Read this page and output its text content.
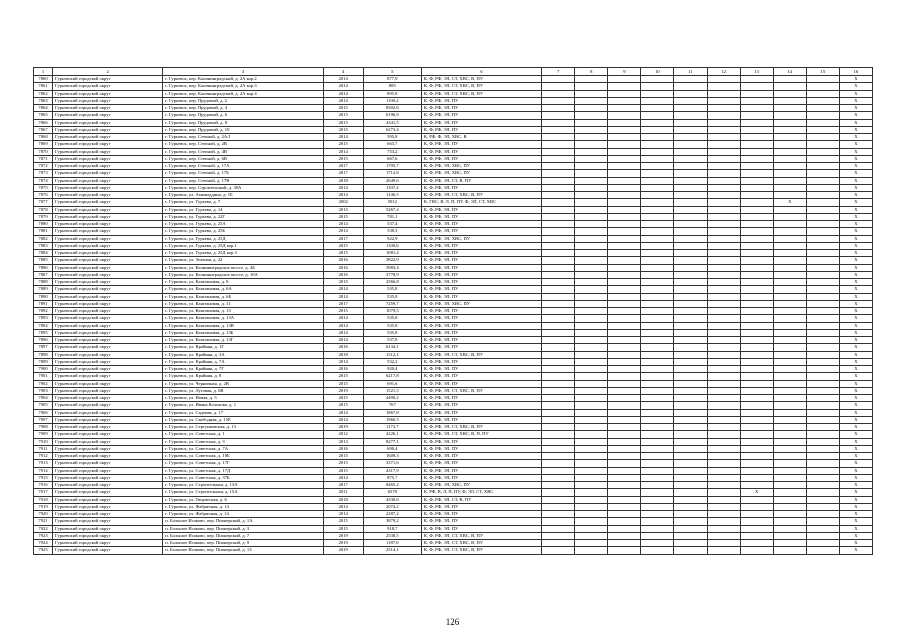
1	2	3	4	5	6	7	8	9	10	11	12	13	14	15	16
7860	Гурьевский городской округ	г. Гурьевск, пер. Калининградский, д. 2А кор.2	2014	877,9	К, Ф, РФ, ЭЛ, СТ, ХВС, В, ПУ										Х
7861	Гурьевский городской округ	г. Гурьевск, пер. Калининградский, д. 2А кор.3	2014	885	К, Ф, РФ, ЭЛ, СТ, ХВС, В, ПУ										Х
7862	Гурьевский городской округ	г. Гурьевск, пер. Калининградский, д. 2А кор.4	2014	895,8	К, Ф, РФ, ЭЛ, СТ, ХВС, В, ПУ										Х
7863	Гурьевский городской округ	г. Гурьевск, пер. Прудовый, д. 2	2014	1100,2	К, Ф, РФ, ЭЛ, ПУ										Х
7864	Гурьевский городской округ	г. Гурьевск, пер. Прудовый, д. 4	2015	8302,6	К, Ф, РФ, ЭЛ, ПУ										Х
7865	Гурьевский городской округ	г. Гурьевск, пер. Прудовый, д. 6	2015	6196,9	К, Ф, РФ, ЭЛ, ПУ										Х
7866	Гурьевский городской округ	г. Гурьевск, пер. Прудовый, д. 8	2015	4341,5	К, Ф, РФ, ЭЛ, ПУ										Х
7867	Гурьевский городской округ	г. Гурьевск, пер. Прудовый, д. 10	2015	6273,4	К, Ф, РФ, ЭЛ, ПУ										Х
7868	Гурьевский городской округ	г. Гурьевск, пер. Степной, д. 2А/1	2014	595,8	К, РФ, Ф, ЭЛ, ХВС, В										Х
7869	Гурьевский городской округ	г. Гурьевск, пер. Степной, д. 2В	2015	663,7	К, Ф, РФ, ЭЛ, ПУ										Х
7870	Гурьевский городской округ	г. Гурьевск, пер. Степной, д. 4В	2014	753,2	К, Ф, РФ, ЭЛ, ПУ										Х
7871	Гурьевский городской округ	г. Гурьевск, пер. Степной, д. 6В	2015	667,6	К, Ф, РФ, ЭЛ, ПУ										Х
7872	Гурьевский городской округ	г. Гурьевск, пер. Степной, д. 17А	2017	1705,7	К, Ф, РФ, ЭЛ, ХВС, ПУ										Х
7873	Гурьевский городской округ	г. Гурьевск, пер. Степной, д. 17Б	2017	1712,8	К, Ф, РФ, ЭЛ, ХВС, ПУ										Х
7874	Гурьевский городской округ	г. Гурьевск, пер. Степной, д. 17В	2018	2649,6	К, Ф, РФ, ЭЛ, СТ, В, ПУ										Х
7875	Гурьевский городской округ	г. Гурьевск, пер. Строительный, д. 30А	2014	1107,2	К, Ф, РФ, ЭЛ, ПУ										Х
7876	Гурьевский городской округ	г. Гурьевск, ул. Аммиаддина, д. 1Б	2014	1146,5	К, Ф, РФ, ЭЛ, СТ, ХВС, В, ПУ										Х
7877	Гурьевский городской округ	г. Гурьевск, ул. Гурьева, д. 7	2002	5012	К, ГВС, В, Л, П, ПУ, Ф, ЭЛ, СТ, ХВС								Х		Х
7878	Гурьевский городской округ	г. Гурьевск, ул. Гурьева, д. 14	2015	5267,2	К, Ф, РФ, ЭЛ, ПУ										Х
7879	Гурьевский городской округ	г. Гурьевск, ул. Гурьева, д. 22Г	2015	781,1	К, Ф, РФ, ЭЛ, ПУ										Х
7880	Гурьевский городской округ	г. Гурьевск, ул. Гурьева, д. 25А	2014	537,4	К, Ф, РФ, ЭЛ, ПУ										Х
7881	Гурьевский городской округ	г. Гурьевск, ул. Гурьева, д. 25Б	2014	538,3	К, Ф, РФ, ЭЛ, ПУ										Х
7882	Гурьевский городской округ	г. Гурьевск, ул. Гурьева, д. 25Д	2017	922,9	К, Ф, РФ, ЭЛ, ХВС, ПУ										Х
7883	Гурьевский городской округ	г. Гурьевск, ул. Гурьева, д. 25Д кор.1	2015	1100,6	К, Ф, РФ, ЭЛ, ПУ										Х
7884	Гурьевский городской округ	г. Гурьевск, ул. Гурьева, д. 25Д кор.3	2015	1081,4	К, Ф, РФ, ЭЛ, ПУ										Х
7885	Гурьевский городской округ	г. Гурьевск, ул. Зеленая, д. 22	2016	3822,9	К, Ф, РФ, ЭЛ, ПУ										Х
7886	Гурьевский городской округ	г. Гурьевск, ул. Калининградское шоссе, д. 4Б	2016	3983,4	К, Ф, РФ, ЭЛ, ПУ										Х
7887	Гурьевский городской округ	г. Гурьевск, ул. Калининградское шоссе, д. 10А	2016	3778,9	К, Ф, РФ, ЭЛ, ПУ										Х
7888	Гурьевский городской округ	г. Гурьевск, ул. Каштановая, д. 6	2015	2566,8	К, Ф, РФ, ЭЛ, ПУ										Х
7889	Гурьевский городской округ	г. Гурьевск, ул. Каштановая, д. 6А	2014	535,8	К, Ф, РФ, ЭЛ, ПУ										Х
7890	Гурьевский городской округ	г. Гурьевск, ул. Каштановая, д. 6Б	2014	535,8	К, Ф, РФ, ЭЛ, ПУ										Х
7891	Гурьевский городской округ	г. Гурьевск, ул. Каштановая, д. 11	2017	7259,7	К, Ф, РФ, ЭЛ, ХВС, ПУ										Х
7892	Гурьевский городской округ	г. Гурьевск, ул. Каштановая, д. 13	2015	1079,5	К, Ф, РФ, ЭЛ, ПУ										Х
7893	Гурьевский городской округ	г. Гурьевск, ул. Каштановая, д. 13А	2014	535,8	К, Ф, РФ, ЭЛ, ПУ										Х
7894	Гурьевский городской округ	г. Гурьевск, ул. Каштановая, д. 13В	2014	535,8	К, Ф, РФ, ЭЛ, ПУ										Х
7895	Гурьевский городской округ	г. Гурьевск, ул. Каштановая, д. 13Б	2014	535,8	К, Ф, РФ, ЭЛ, ПУ										Х
7896	Гурьевский городской округ	г. Гурьевск, ул. Каштановая, д. 13Г	2014	537,8	К, Ф, РФ, ЭЛ, ПУ										Х
7897	Гурьевский городской округ	г. Гурьевск, ул. Крайняя, д. 1Г	2016	6134,1	К, Ф, РФ, ЭЛ, ПУ										Х
7898	Гурьевский городской округ	г. Гурьевск, ул. Крайняя, д. 3А	2018	1312,1	К, Ф, РФ, ЭЛ, СТ, ХВС, В, ПУ										Х
7899	Гурьевский городской округ	г. Гурьевск, ул. Крайняя, д. 7А	2014	532,2	К, Ф, РФ, ЭЛ, ПУ										Х
7900	Гурьевский городской округ	г. Гурьевск, ул. Крайняя, д. 7Г	2016	920,4	К, Ф, РФ, ЭЛ, ПУ										Х
7901	Гурьевский городской округ	г. Гурьевск, ул. Крайняя, д. 8	2015	6217,8	К, Ф, РФ, ЭЛ, ПУ										Х
7902	Гурьевский городской округ	г. Гурьевск, ул. Черничная, д. 2В	2015	691,6	К, Ф, РФ, ЭЛ, ПУ										Х
7903	Гурьевский городской округ	г. Гурьевск, ул. Луговая, д. 6В	2019	1521,5	К, Ф, РФ, ЭЛ, СТ, ХВС, В, ПУ										Х
7904	Гурьевский городской округ	г. Гурьевск, ул. Новая, д. 5	2015	4490,2	К, Ф, РФ, ЭЛ, ПУ										Х
7905	Гурьевский городской округ	г. Гурьевск, ул. Ивана Колокова, д. 1	2015	767	К, Ф, РФ, ЭЛ, ПУ										Х
7906	Гурьевский городской округ	г. Гурьевск, ул. Садовая, д. 17	2014	1867,8	К, Ф, РФ, ЭЛ, ПУ										Х
7907	Гурьевский городской округ	г. Гурьевск, ул. Свободная, д. 15Е	2014	1960,5	К, Ф, РФ, ЭЛ, ПУ										Х
7908	Гурьевский городской округ	г. Гурьевск, ул. Сергунковская, д. 13	2019	1173,7	К, Ф, РФ, ЭЛ, СТ, ХВС, В, ПУ										Х
7909	Гурьевский городской округ	г. Гурьевск, ул. Советская, д. 1	2012	4226,1	К, Ф, РФ, ЭЛ, СТ, ХВС, В, П, ПУ										Х
7910	Гурьевский городской округ	г. Гурьевск, ул. Советская, д. 3	2013	8277,1	К, Ф, РФ, ЭЛ, ПУ										Х
7911	Гурьевский городской округ	г. Гурьевск, ул. Советская, д. 7А	2016	690,4	К, Ф, РФ, ЭЛ, ПУ										Х
7912	Гурьевский городской округ	г. Гурьевск, ул. Советская, д. 10Б	2015	1609,3	К, Ф, РФ, ЭЛ, ПУ										Х
7913	Гурьевский городской округ	г. Гурьевск, ул. Советская, д. 17Г	2015	3371,6	К, Ф, РФ, ЭЛ, ПУ										Х
7914	Гурьевский городской округ	г. Гурьевск, ул. Советская, д. 17Д	2015	4317,9	К, Ф, РФ, ЭЛ, ПУ										Х
7915	Гурьевский городской округ	г. Гурьевск, ул. Советская, д. 37Б	2014	875,7	К, Ф, РФ, ЭЛ, ПУ										Х
7916	Гурьевский городской округ	г. Гурьевск, ул. Строительная, д. 13А	2017	8465,2	К, Ф, РФ, ЭЛ, ХВС, ПУ										Х
7917	Гурьевский городской округ	г. Гурьевск, ул. Строительная, д. 15А	2011	6578	К, РФ, В, Л, П, ПУ, Ф, ЭЛ, СТ, ХВС							Х			Х
7918	Гурьевский городской округ	г. Гурьевск, ул. Творческая, д. 6	2018	4330,6	К, Ф, РФ, ЭЛ, СТ, В, ПУ										Х
7919	Гурьевский городской округ	г. Гурьевск, ул. Фабричная, д. 14	2014	2074,2	К, Ф, РФ, ЭЛ, ПУ										Х
7920	Гурьевский городской округ	г. Гурьевск, ул. Фабричная, д. 14	2014	2287,2	К, Ф, РФ, ЭЛ, ПУ										Х
7921	Гурьевский городской округ	п. Большое Исаково, пер. Пионерский, д. 1А	2015	3879,2	К, Ф, РФ, ЭЛ, ПУ										Х
7922	Гурьевский городской округ	п. Большое Исаково, пер. Пионерский, д. 3	2015	918,7	К, Ф, РФ, ЭЛ, ПУ										Х
7923	Гурьевский городской округ	п. Большое Исаково, пер. Пионерский, д. 7	2019	2538,5	К, Ф, РФ, ЭЛ, СТ, ХВС, В, ПУ										Х
7924	Гурьевский городской округ	п. Большое Исаково, пер. Пионерский, д. 9	2019	1187,6	К, Ф, РФ, ЭЛ, СТ, ХВС, В, ПУ										Х
7925	Гурьевский городской округ	п. Большое Исаково, пер. Пионерский, д. 13	2019	2514,1	К, Ф, РФ, ЭЛ, СТ, ХВС, В, ПУ										Х
126
